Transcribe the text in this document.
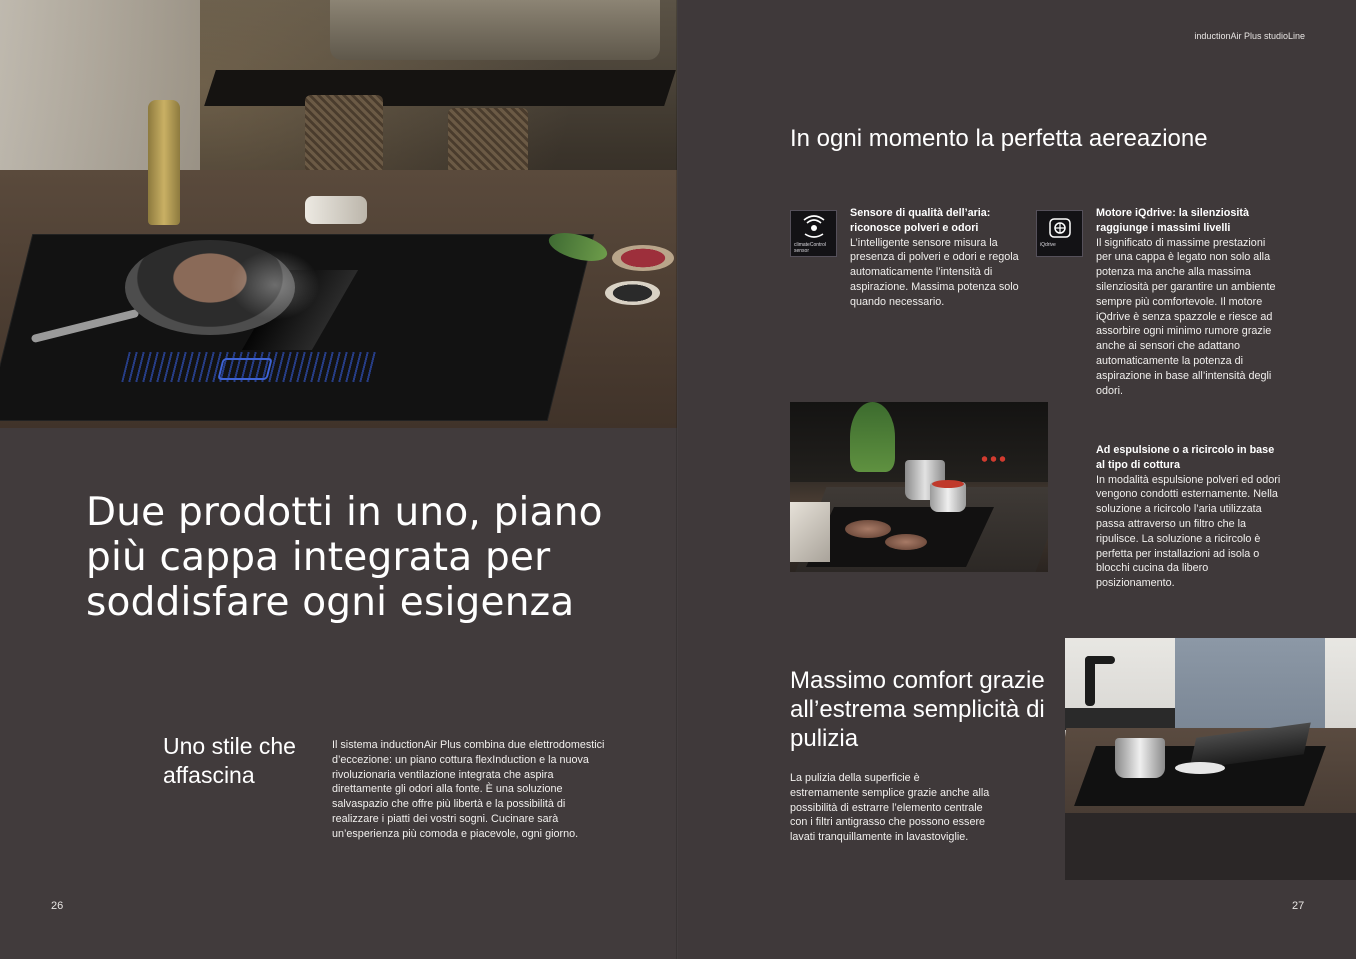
Due prodotti in uno, piano più cappa integrata per soddisfare ogni esigenza
Uno stile che affascina

Il sistema inductionAir Plus combina due elettrodomestici d’eccezione: un piano cottura flexInduction e la nuova rivoluzionaria ventilazione integrata che aspira direttamente gli odori alla fonte. È una soluzione salvaspazio che offre più libertà e la possibilità di realizzare i piatti dei vostri sogni. Cucinare sarà un’esperienza più comoda e piacevole, ogni giorno.

26
inductionAir Plus studioLine
In ogni momento la perfetta aereazione
climateControl sensor
Sensore di qualità dell’aria: riconosce polveri e odori
L’intelligente sensore misura la presenza di polveri e odori e regola automaticamente l’intensità di aspirazione. Massima potenza solo quando necessario.
iQdrive
Motore iQdrive: la silenziosità raggiunge i massimi livelli
Il significato di massime prestazioni per una cappa è legato non solo alla potenza ma anche alla massima silenziosità per garantire un ambiente sempre più comfortevole. Il motore iQdrive è senza spazzole e riesce ad assorbire ogni minimo rumore grazie anche ai sensori che adattano automaticamente la potenza di aspirazione in base all’intensità degli odori.
Ad espulsione o a ricircolo in base al tipo di cottura
In modalità espulsione polveri ed odori vengono condotti esternamente. Nella soluzione a ricircolo l’aria utilizzata passa attraverso un filtro che la ripulisce. La soluzione a ricircolo è perfetta per installazioni ad isola o blocchi cucina da libero posizionamento.
Massimo comfort grazie all’estrema semplicità di pulizia

La pulizia della superficie è estremamente semplice grazie anche alla possibilità di estrarre l’elemento centrale con i filtri antigrasso che possono essere lavati tranquillamente in lavastoviglie.

27
